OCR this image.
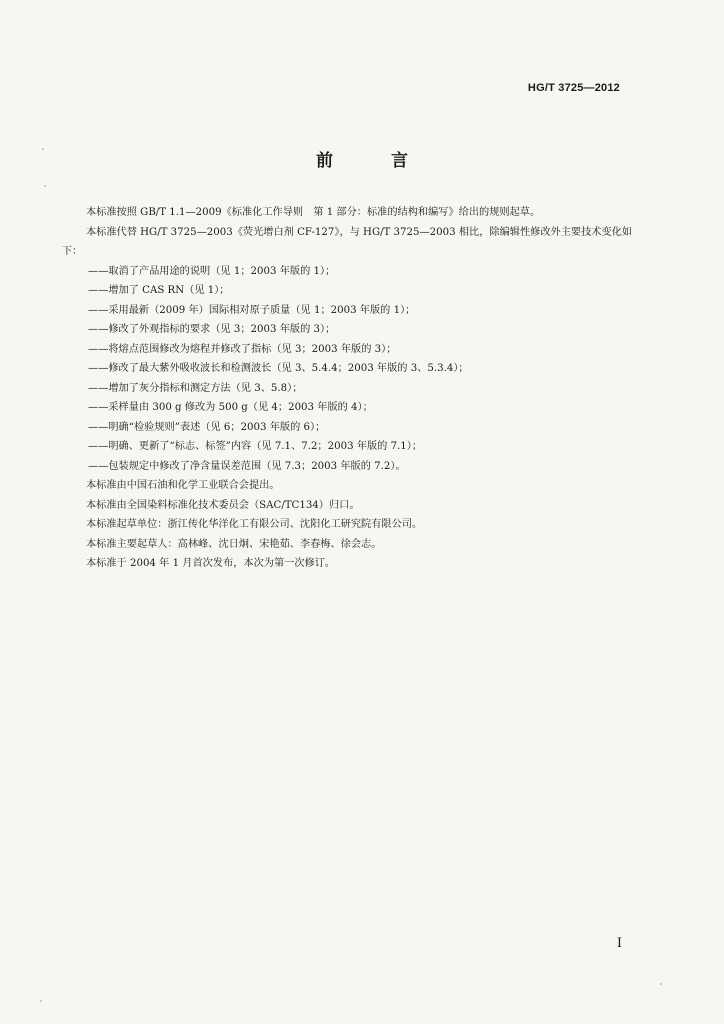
HG/T 3725—2012
前 言

本标准按照 GB/T 1.1—2009《标准化工作导则　第 1 部分：标准的结构和编写》给出的规则起草。

本标准代替 HG/T 3725—2003《荧光增白剂 CF-127》，与 HG/T 3725—2003 相比，除编辑性修改外主要技术变化如下：

——取消了产品用途的说明（见 1；2003 年版的 1）；

——增加了 CAS RN（见 1）；

——采用最新（2009 年）国际相对原子质量（见 1；2003 年版的 1）；

——修改了外观指标的要求（见 3；2003 年版的 3）；

——将熔点范围修改为熔程并修改了指标（见 3；2003 年版的 3）；

——修改了最大紫外吸收波长和检测波长（见 3、5.4.4；2003 年版的 3、5.3.4）；

——增加了灰分指标和测定方法（见 3、5.8）；

——采样量由 300 g 修改为 500 g（见 4；2003 年版的 4）；

——明确“检验规则”表述（见 6；2003 年版的 6）；

——明确、更新了“标志、标签”内容（见 7.1、7.2；2003 年版的 7.1）；

——包装规定中修改了净含量误差范围（见 7.3；2003 年版的 7.2）。

本标准由中国石油和化学工业联合会提出。

本标准由全国染料标准化技术委员会（SAC/TC134）归口。

本标准起草单位：浙江传化华洋化工有限公司、沈阳化工研究院有限公司。

本标准主要起草人：高林峰、沈日炯、宋艳茹、李春梅、徐会志。

本标准于 2004 年 1 月首次发布，本次为第一次修订。

I
